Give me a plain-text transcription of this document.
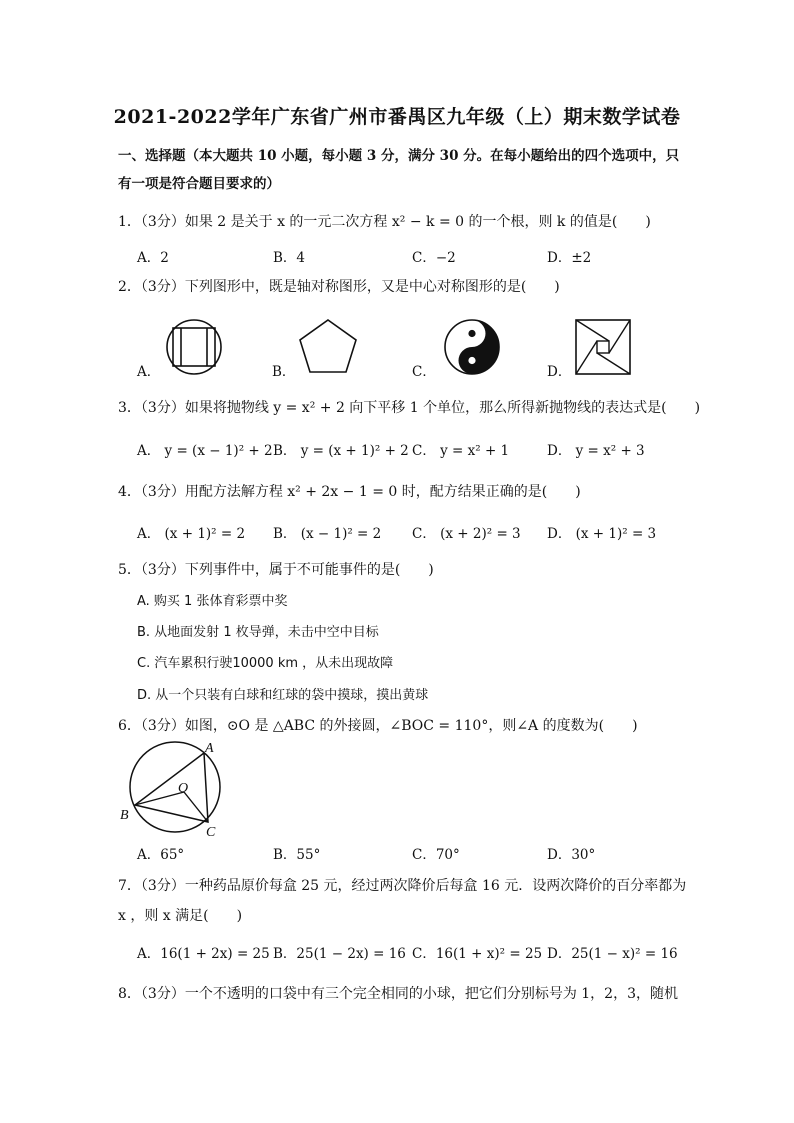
2021-2022学年广东省广州市番禺区九年级（上）期末数学试卷
一、选择题（本大题共 10 小题，每小题 3 分，满分 30 分。在每小题给出的四个选项中，只
有一项是符合题目要求的）
1．（3分）如果 2 是关于 x 的一元二次方程 x² − k = 0 的一个根，则 k 的值是(　　)
A．2	B．4	C．−2	D．±2
2．（3分）下列图形中，既是轴对称图形，又是中心对称图形的是(　　)
A．	B．	C．	D．
3．（3分）如果将抛物线 y = x² + 2 向下平移 1 个单位，那么所得新抛物线的表达式是(　　)
A． y = (x − 1)² + 2 B． y = (x + 1)² + 2 C． y = x² + 1	D． y = x² + 3
4．（3分）用配方法解方程 x² + 2x − 1 = 0 时，配方结果正确的是(　　)
A． (x + 1)² = 2 B． (x − 1)² = 2 C． (x + 2)² = 3 D． (x + 1)² = 3
5．（3分）下列事件中，属于不可能事件的是(　　)
A. 购买 1 张体育彩票中奖
B. 从地面发射 1 枚导弹，未击中空中目标
C. 汽车累积行驶10000 km ，从未出现故障
D. 从一个只装有白球和红球的袋中摸球，摸出黄球
6．（3分）如图，⊙O 是 △ABC 的外接圆，∠BOC = 110°，则∠A 的度数为(　　)
A
B
C
O
A．65°	B．55°	C．70°	D．30°
7．（3分）一种药品原价每盒 25 元，经过两次降价后每盒 16 元．设两次降价的百分率都为
x ，则 x 满足(　　)
A．16(1 + 2x) = 25 B．25(1 − 2x) = 16 C．16(1 + x)² = 25 D．25(1 − x)² = 16
8．（3分）一个不透明的口袋中有三个完全相同的小球，把它们分别标号为 1，2，3，随机
